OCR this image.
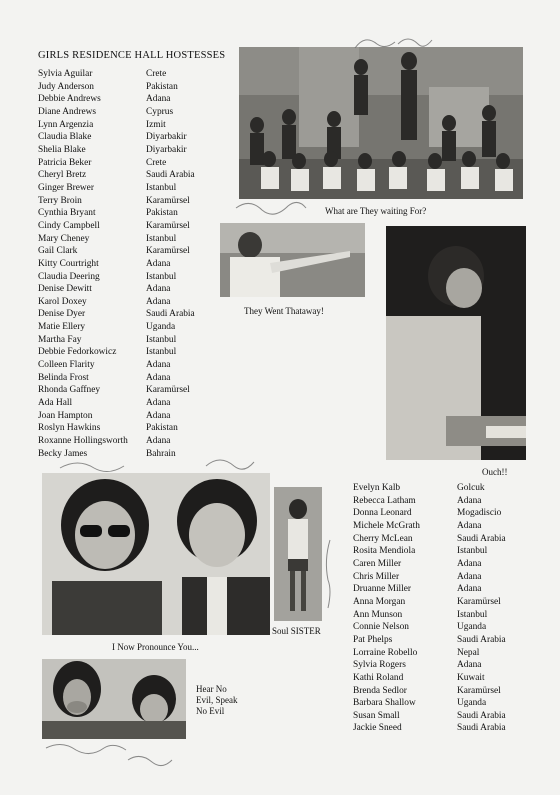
GIRLS RESIDENCE HALL HOSTESSES
Sylvia Aguilar	Crete
Judy Anderson	Pakistan
Debbie Andrews	Adana
Diane Andrews	Cyprus
Lynn Argenzia	Izmit
Claudia Blake	Diyarbakir
Shelia Blake	Diyarbakir
Patricia Beker	Crete
Cheryl Bretz	Saudi Arabia
Ginger Brewer	Istanbul
Terry Broin	Karamürsel
Cynthia Bryant	Pakistan
Cindy Campbell	Karamürsel
Mary Cheney	Istanbul
Gail Clark	Karamürsel
Kitty Courtright	Adana
Claudia Deering	Istanbul
Denise Dewitt	Adana
Karol Doxey	Adana
Denise Dyer	Saudi Arabia
Matie Ellery	Uganda
Martha Fay	Istanbul
Debbie Fedorkowicz	Istanbul
Colleen Flarity	Adana
Belinda Frost	Adana
Rhonda Gaffney	Karamürsel
Ada Hall	Adana
Joan Hampton	Adana
Roslyn Hawkins	Pakistan
Roxanne Hollingsworth	Adana
Becky James	Bahrain
Evelyn Kalb	Golcuk
Rebecca Latham	Adana
Donna Leonard	Mogadiscio
Michele McGrath	Adana
Cherry McLean	Saudi Arabia
Rosita Mendiola	Istanbul
Caren Miller	Adana
Chris Miller	Adana
Druanne Miller	Adana
Anna Morgan	Karamürsel
Ann Munson	Istanbul
Connie Nelson	Uganda
Pat Phelps	Saudi Arabia
Lorraine Robello	Nepal
Sylvia Rogers	Adana
Kathi Roland	Kuwait
Brenda Sedlor	Karamürsel
Barbara Shallow	Uganda
Susan Small	Saudi Arabia
Jackie Sneed	Saudi Arabia
What are They waiting For?
They Went Thataway!
Ouch!!
I Now Pronounce You...
Soul SISTER
Hear No Evil, Speak No Evil
